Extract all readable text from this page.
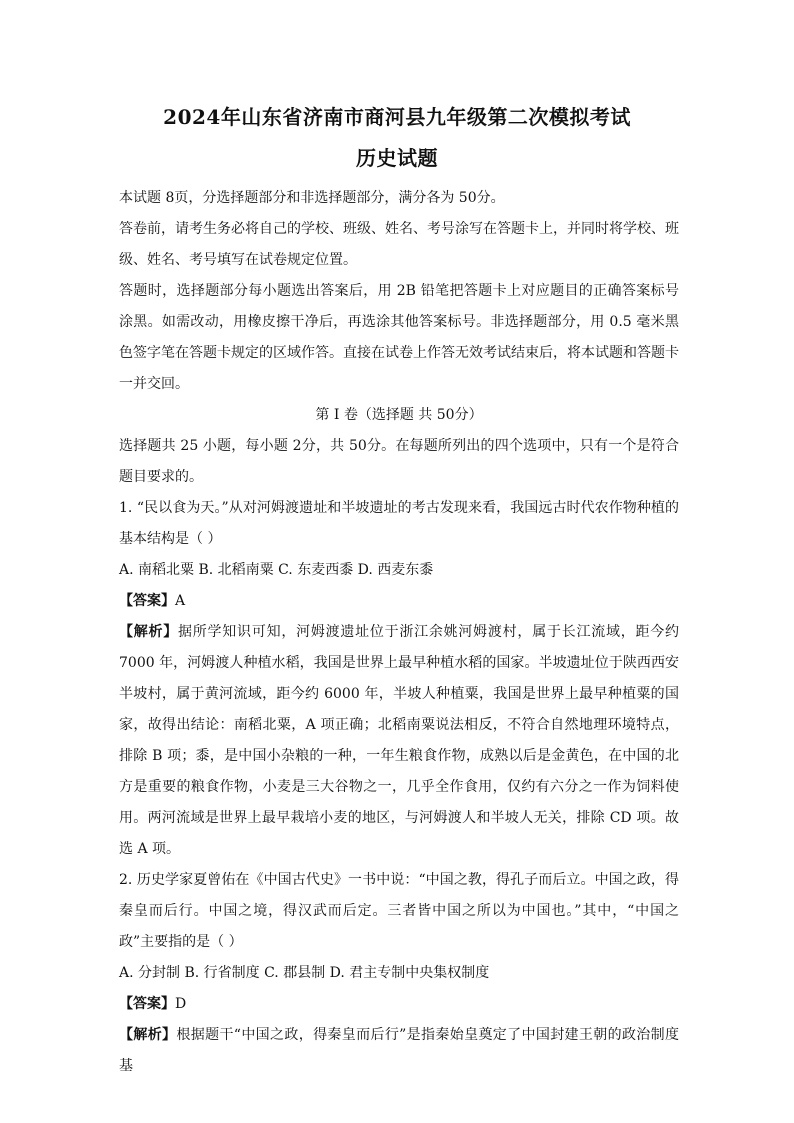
2024年山东省济南市商河县九年级第二次模拟考试
历史试题

本试题 8页，分选择题部分和非选择题部分，满分各为 50分。

答卷前，请考生务必将自己的学校、班级、姓名、考号涂写在答题卡上，并同时将学校、班级、姓名、考号填写在试卷规定位置。

答题时，选择题部分每小题选出答案后，用 2B 铅笔把答题卡上对应题目的正确答案标号涂黑。如需改动，用橡皮擦干净后，再选涂其他答案标号。非选择题部分，用 0.5 毫米黑色签字笔在答题卡规定的区域作答。直接在试卷上作答无效考试结束后，将本试题和答题卡一并交回。

第 I 卷（选择题 共 50分）

选择题共 25 小题，每小题 2分，共 50分。在每题所列出的四个选项中，只有一个是符合题目要求的。

1. “民以食为天。”从对河姆渡遗址和半坡遗址的考古发现来看，我国远古时代农作物种植的基本结构是（ ）

A. 南稻北粟 B. 北稻南粟 C. 东麦西黍 D. 西麦东黍

【答案】A

【解析】据所学知识可知，河姆渡遗址位于浙江余姚河姆渡村，属于长江流域，距今约 7000 年，河姆渡人种植水稻，我国是世界上最早种植水稻的国家。半坡遗址位于陕西西安半坡村，属于黄河流域，距今约 6000 年，半坡人种植粟，我国是世界上最早种植粟的国家，故得出结论：南稻北粟，A 项正确；北稻南粟说法相反，不符合自然地理环境特点，排除 B 项；黍，是中国小杂粮的一种，一年生粮食作物，成熟以后是金黄色，在中国的北方是重要的粮食作物，小麦是三大谷物之一，几乎全作食用，仅约有六分之一作为饲料使用。两河流域是世界上最早栽培小麦的地区，与河姆渡人和半坡人无关，排除 CD 项。故选 A 项。

2. 历史学家夏曾佑在《中国古代史》一书中说：“中国之教，得孔子而后立。中国之政，得秦皇而后行。中国之境，得汉武而后定。三者皆中国之所以为中国也。”其中，“中国之政”主要指的是（ ）

A. 分封制 B. 行省制度 C. 郡县制 D. 君主专制中央集权制度

【答案】D

【解析】根据题干“中国之政，得秦皇而后行”是指秦始皇奠定了中国封建王朝的政治制度基
